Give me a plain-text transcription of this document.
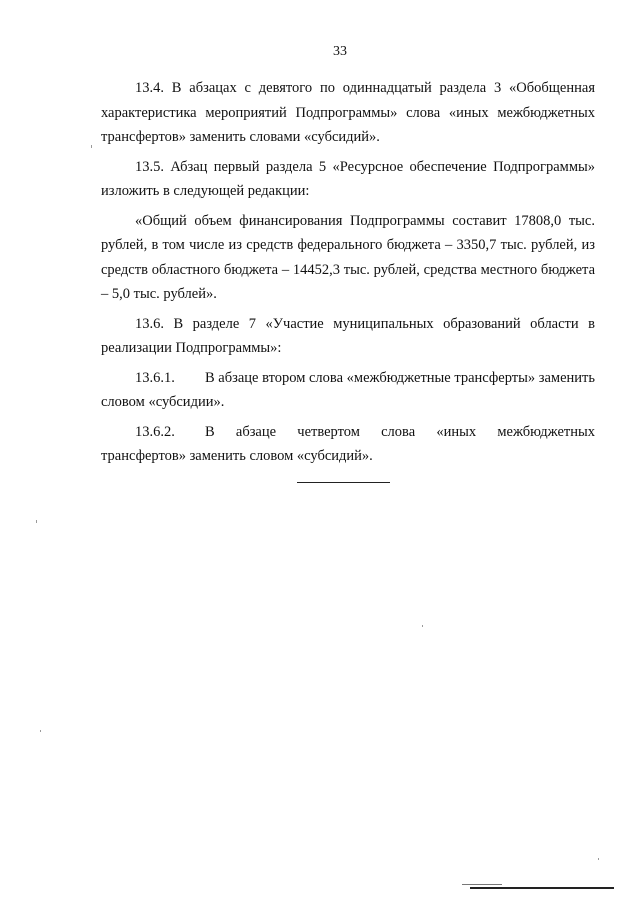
33

13.4. В абзацах с девятого по одиннадцатый раздела 3 «Обобщенная характеристика мероприятий Подпрограммы» слова «иных межбюджетных трансфертов» заменить словами «субсидий».

13.5. Абзац первый раздела 5 «Ресурсное обеспечение Подпрограммы» изложить в следующей редакции:

«Общий объем финансирования Подпрограммы составит 17808,0 тыс. рублей, в том числе из средств федерального бюджета – 3350,7 тыс. рублей, из средств областного бюджета – 14452,3 тыс. рублей, средства местного бюджета – 5,0 тыс. рублей».

13.6. В разделе 7 «Участие муниципальных образований области в реализации Подпрограммы»:

13.6.1. В абзаце втором слова «межбюджетные трансферты» заменить словом «субсидии».

13.6.2. В абзаце четвертом слова «иных межбюджетных трансфертов» заменить словом «субсидий».
